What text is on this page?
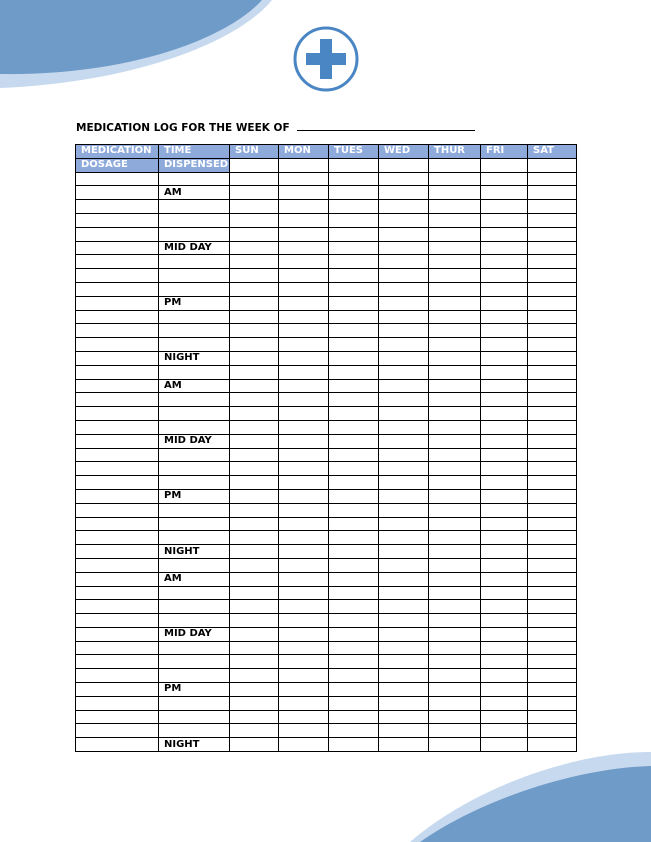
MEDICATION LOG FOR THE WEEK OF
MEDICATION	TIME	SUN	MON	TUES	WED	THUR	FRI	SAT
DOSAGE	DISPENSED							

	AM							

	MID DAY							

	PM							

	NIGHT							

	AM							

	MID DAY							

	PM							

	NIGHT							

	AM							

	MID DAY							

	PM							

	NIGHT							
